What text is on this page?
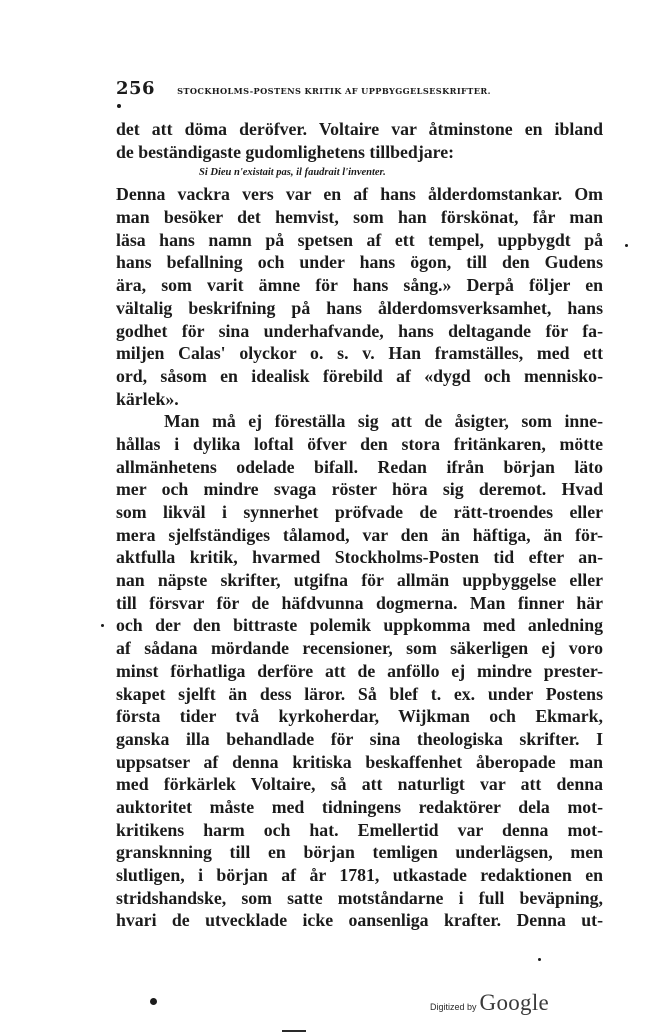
256	STOCKHOLMS-POSTENS KRITIK AF UPPBYGGELSESKRIFTER.
det att döma deröfver. Voltaire var åtminstone en ibland
de beständigaste gudomlighetens tillbedjare:
Si Dieu n'existait pas, il faudrait l'inventer.
Denna vackra vers var en af hans ålderdomstankar. Om
man besöker det hemvist, som han förskönat, får man
läsa hans namn på spetsen af ett tempel, uppbygdt på
hans befallning och under hans ögon, till den Gudens
ära, som varit ämne för hans sång.» Derpå följer en
vältalig beskrifning på hans ålderdomsverksamhet, hans
godhet för sina underhafvande, hans deltagande för fa-
miljen Calas' olyckor o. s. v. Han framställes, med ett
ord, såsom en idealisk förebild af «dygd och mennisko-
kärlek».
Man må ej föreställa sig att de åsigter, som inne-
hållas i dylika loftal öfver den stora fritänkaren, mötte
allmänhetens odelade bifall. Redan ifrån början läto
mer och mindre svaga röster höra sig deremot. Hvad
som likväl i synnerhet pröfvade de rätt-troendes eller
mera sjelfständiges tålamod, var den än häftiga, än för-
aktfulla kritik, hvarmed Stockholms-Posten tid efter an-
nan näpste skrifter, utgifna för allmän uppbyggelse eller
till försvar för de häfdvunna dogmerna. Man finner här
och der den bittraste polemik uppkomma med anledning
af sådana mördande recensioner, som säkerligen ej voro
minst förhatliga derföre att de anföllo ej mindre prester-
skapet sjelft än dess läror. Så blef t. ex. under Postens
första tider två kyrkoherdar, Wijkman och Ekmark,
ganska illa behandlade för sina theologiska skrifter. I
uppsatser af denna kritiska beskaffenhet åberopade man
med förkärlek Voltaire, så att naturligt var att denna
auktoritet måste med tidningens redaktörer dela mot-
kritikens harm och hat. Emellertid var denna mot-
gransknning till en början temligen underlägsen, men
slutligen, i början af år 1781, utkastade redaktionen en
stridshandske, som satte motståndarne i full beväpning,
hvari de utvecklade icke oansenliga krafter. Denna ut-
Digitized by Google
